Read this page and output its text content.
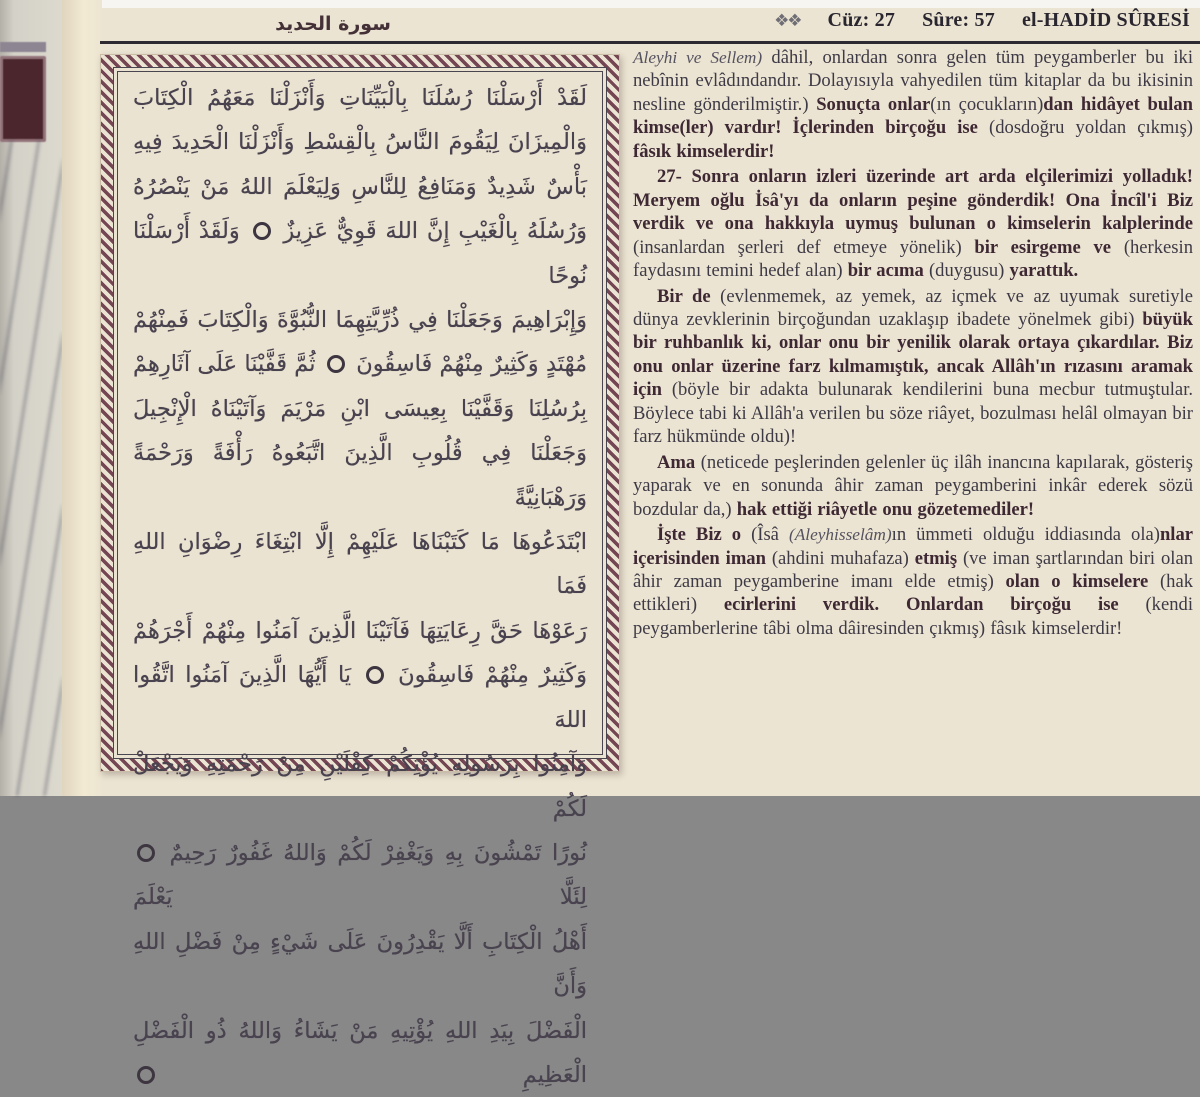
سورة الحديد	❖❖ Cüz: 27 Sûre: 57 el-HADİD SÛRESİ
لَقَدْ أَرْسَلْنَا رُسُلَنَا بِالْبَيِّنَاتِ وَأَنْزَلْنَا مَعَهُمُ الْكِتَابَ
وَالْمِيزَانَ لِيَقُومَ النَّاسُ بِالْقِسْطِ وَأَنْزَلْنَا الْحَدِيدَ فِيهِ
بَأْسٌ شَدِيدٌ وَمَنَافِعُ لِلنَّاسِ وَلِيَعْلَمَ اللهُ مَنْ يَنْصُرُهُ
وَرُسُلَهُ بِالْغَيْبِ إِنَّ اللهَ قَوِيٌّ عَزِيزٌ  وَلَقَدْ أَرْسَلْنَا نُوحًا
وَإِبْرَاهِيمَ وَجَعَلْنَا فِي ذُرِّيَّتِهِمَا النُّبُوَّةَ وَالْكِتَابَ فَمِنْهُمْ
مُهْتَدٍ وَكَثِيرٌ مِنْهُمْ فَاسِقُونَ  ثُمَّ قَفَّيْنَا عَلَى آثَارِهِمْ
بِرُسُلِنَا وَقَفَّيْنَا بِعِيسَى ابْنِ مَرْيَمَ وَآتَيْنَاهُ الْإِنْجِيلَ
وَجَعَلْنَا فِي قُلُوبِ الَّذِينَ اتَّبَعُوهُ رَأْفَةً وَرَحْمَةً وَرَهْبَانِيَّةً
ابْتَدَعُوهَا مَا كَتَبْنَاهَا عَلَيْهِمْ إِلَّا ابْتِغَاءَ رِضْوَانِ اللهِ فَمَا
رَعَوْهَا حَقَّ رِعَايَتِهَا فَآتَيْنَا الَّذِينَ آمَنُوا مِنْهُمْ أَجْرَهُمْ
وَكَثِيرٌ مِنْهُمْ فَاسِقُونَ  يَا أَيُّهَا الَّذِينَ آمَنُوا اتَّقُوا اللهَ
وَآمِنُوا بِرَسُولِهِ يُؤْتِكُمْ كِفْلَيْنِ مِنْ رَحْمَتِهِ وَيَجْعَلْ لَكُمْ
نُورًا تَمْشُونَ بِهِ وَيَغْفِرْ لَكُمْ وَاللهُ غَفُورٌ رَحِيمٌ  لِئَلَّا يَعْلَمَ
أَهْلُ الْكِتَابِ أَلَّا يَقْدِرُونَ عَلَى شَيْءٍ مِنْ فَضْلِ اللهِ وَأَنَّ
الْفَضْلَ بِيَدِ اللهِ يُؤْتِيهِ مَنْ يَشَاءُ وَاللهُ ذُو الْفَضْلِ الْعَظِيمِ

Aleyhi ve Sellem) dâhil, onlardan sonra gelen tüm peygamberler bu iki nebînin evlâdındandır. Dolayısıyla vahyedilen tüm kitaplar da bu ikisinin nesline gönderilmiştir.) Sonuçta onlar(ın çocukların)dan hidâyet bulan kimse(ler) vardır! İçlerinden birçoğu ise (dosdoğru yoldan çıkmış) fâsık kimselerdir!

27- Sonra onların izleri üzerinde art arda elçilerimizi yolladık! Meryem oğlu İsâ'yı da onların peşine gönderdik! Ona İncîl'i Biz verdik ve ona hakkıyla uymuş bulunan o kimselerin kalplerinde (insanlardan şerleri def etmeye yönelik) bir esirgeme ve (herkesin faydasını temini hedef alan) bir acıma (duygusu) yarattık.

Bir de (evlenmemek, az yemek, az içmek ve az uyumak suretiyle dünya zevklerinin birçoğundan uzaklaşıp ibadete yönelmek gibi) büyük bir ruhbanlık ki, onlar onu bir yenilik olarak ortaya çıkardılar. Biz onu onlar üzerine farz kılmamıştık, ancak Allâh'ın rızasını aramak için (böyle bir adakta bulunarak kendilerini buna mecbur tutmuştular. Böylece tabi ki Allâh'a verilen bu söze riâyet, bozulması helâl olmayan bir farz hükmünde oldu)!

Ama (neticede peşlerinden gelenler üç ilâh inancına kapılarak, gösteriş yaparak ve en sonunda âhir zaman peygamberini inkâr ederek sözü bozdular da,) hak ettiği riâyetle onu gözetemediler!

İşte Biz o (Îsâ (Aleyhisselâm)ın ümmeti olduğu iddiasında ola)nlar içerisinden iman (ahdini muhafaza) etmiş (ve iman şartlarından biri olan âhir zaman peygamberine imanı elde etmiş) olan o kimselere (hak ettikleri) ecirlerini verdik. Onlardan birçoğu ise (kendi peygamberlerine tâbi olma dâiresinden çıkmış) fâsık kimselerdir!
